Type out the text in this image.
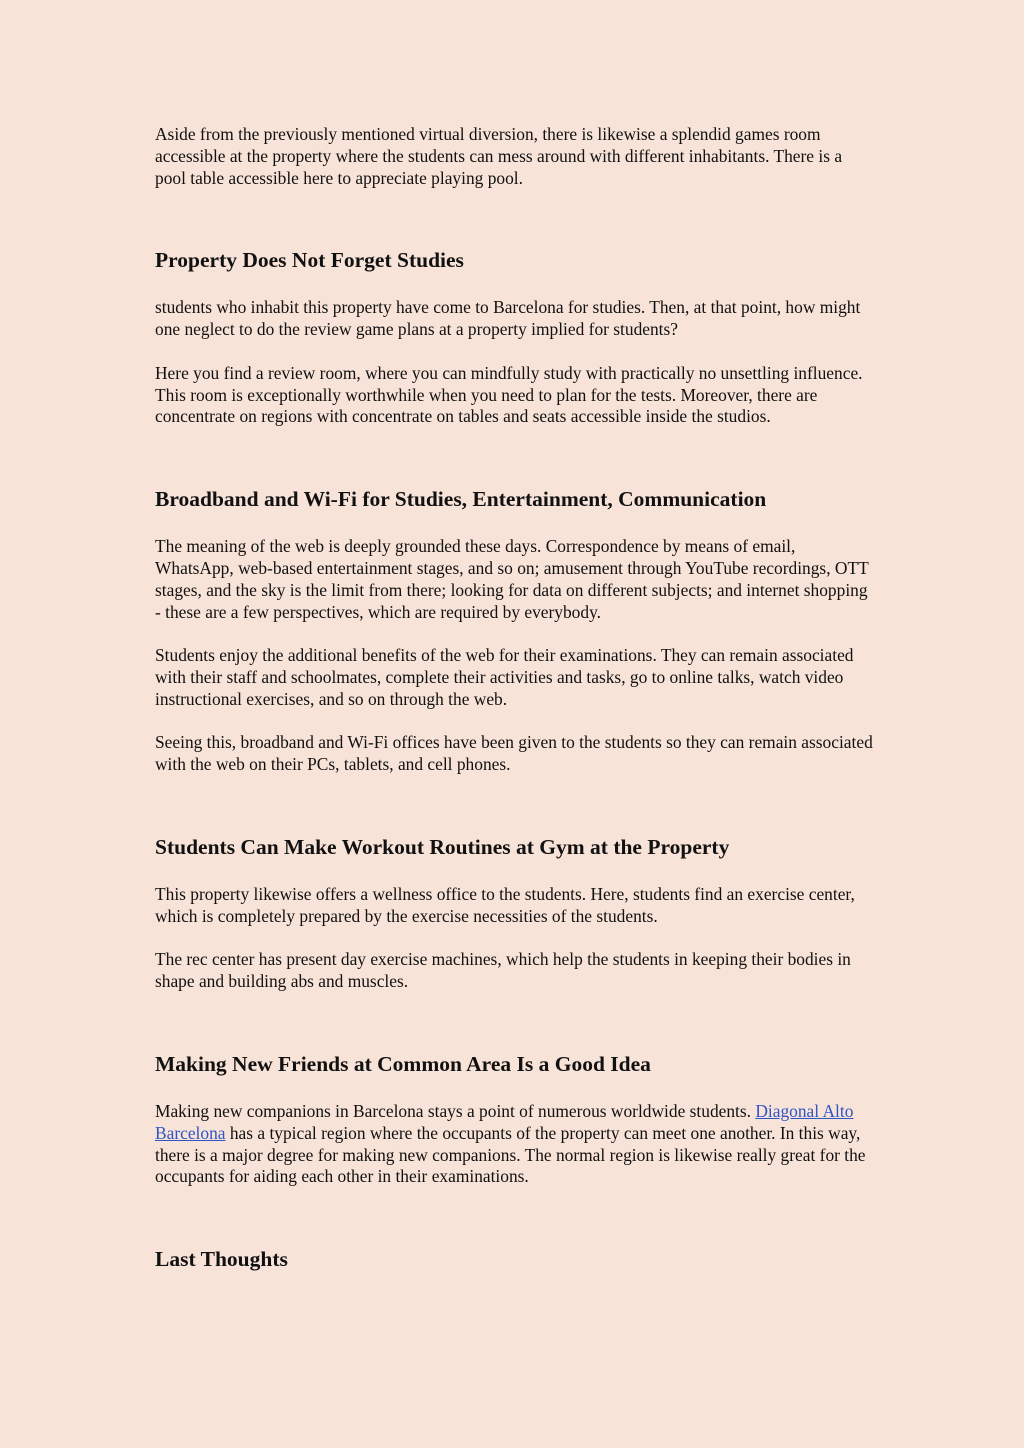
Aside from the previously mentioned virtual diversion, there is likewise a splendid games room accessible at the property where the students can mess around with different inhabitants. There is a pool table accessible here to appreciate playing pool.

Property Does Not Forget Studies

students who inhabit this property have come to Barcelona for studies. Then, at that point, how might one neglect to do the review game plans at a property implied for students?

Here you find a review room, where you can mindfully study with practically no unsettling influence. This room is exceptionally worthwhile when you need to plan for the tests. Moreover, there are concentrate on regions with concentrate on tables and seats accessible inside the studios.

Broadband and Wi-Fi for Studies, Entertainment, Communication

The meaning of the web is deeply grounded these days. Correspondence by means of email, WhatsApp, web-based entertainment stages, and so on; amusement through YouTube recordings, OTT stages, and the sky is the limit from there; looking for data on different subjects; and internet shopping - these are a few perspectives, which are required by everybody.

Students enjoy the additional benefits of the web for their examinations. They can remain associated with their staff and schoolmates, complete their activities and tasks, go to online talks, watch video instructional exercises, and so on through the web.

Seeing this, broadband and Wi-Fi offices have been given to the students so they can remain associated with the web on their PCs, tablets, and cell phones.

Students Can Make Workout Routines at Gym at the Property

This property likewise offers a wellness office to the students. Here, students find an exercise center, which is completely prepared by the exercise necessities of the students.

The rec center has present day exercise machines, which help the students in keeping their bodies in shape and building abs and muscles.

Making New Friends at Common Area Is a Good Idea

Making new companions in Barcelona stays a point of numerous worldwide students. Diagonal Alto Barcelona has a typical region where the occupants of the property can meet one another. In this way, there is a major degree for making new companions. The normal region is likewise really great for the occupants for aiding each other in their examinations.

Last Thoughts
